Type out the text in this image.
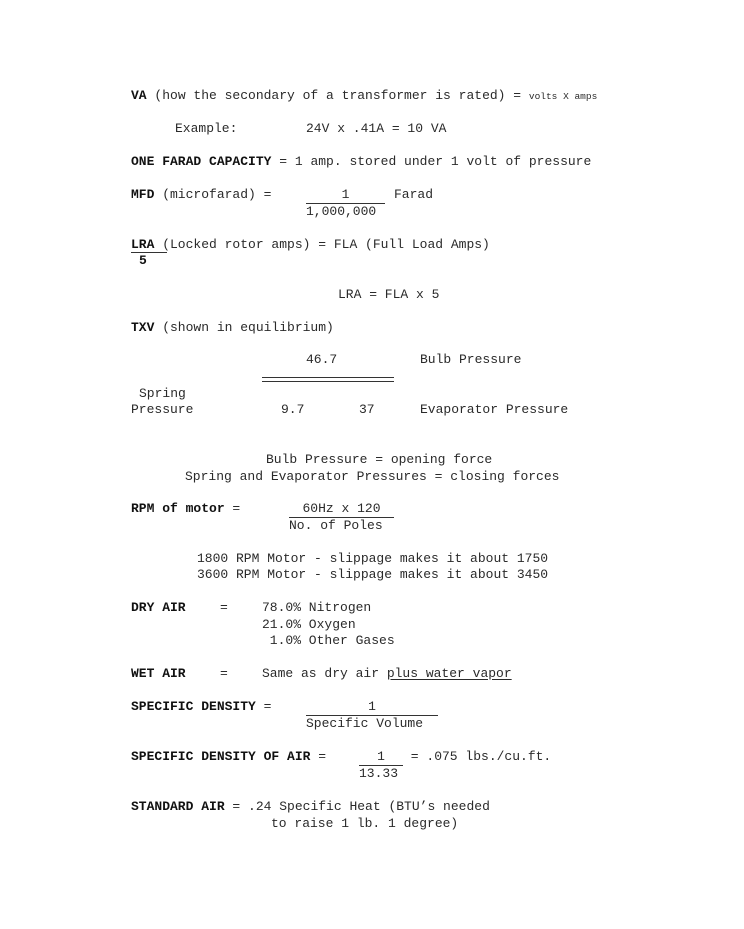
VA (how the secondary of a transformer is rated) = volts X amps
Example:	24V x .41A = 10 VA
ONE FARAD CAPACITY = 1 amp. stored under 1 volt of pressure
MFD (microfarad) =	1	Farad
1,000,000
LRA (Locked rotor amps) = FLA (Full Load Amps)
5
LRA = FLA x 5
TXV (shown in equilibrium)
46.7	Bulb Pressure
Spring
Pressure	9.7	37	Evaporator Pressure
Bulb Pressure = opening force
Spring and Evaporator Pressures = closing forces
RPM of motor =	60Hz x 120
No. of Poles
1800 RPM Motor - slippage makes it about 1750
3600 RPM Motor - slippage makes it about 3450
DRY AIR	=	78.0% Nitrogen
21.0% Oxygen
1.0% Other Gases
WET AIR	=	Same as dry air plus water vapor
SPECIFIC DENSITY =	1
Specific Volume
SPECIFIC DENSITY OF AIR =	1	= .075 lbs./cu.ft.
13.33
STANDARD AIR = .24 Specific Heat (BTU’s needed
to raise 1 lb. 1 degree)
